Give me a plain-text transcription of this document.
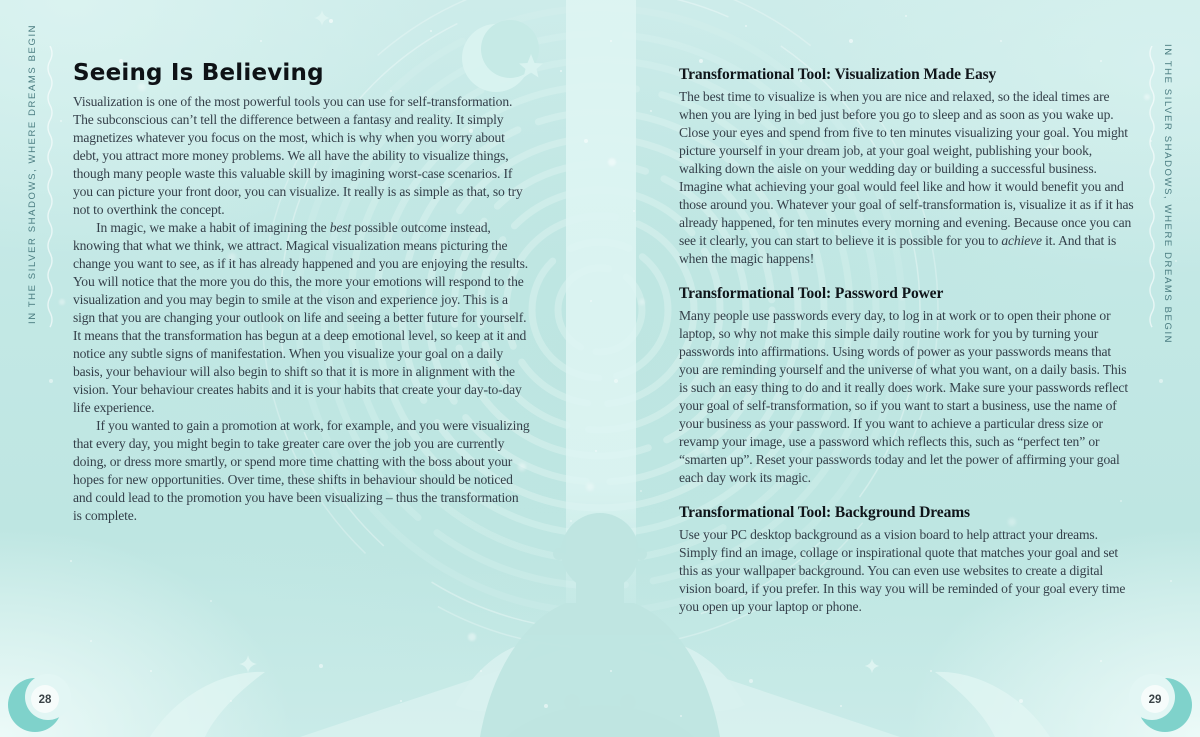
IN THE SILVER SHADOWS, WHERE DREAMS BEGIN	IN THE SILVER SHADOWS, WHERE DREAMS BEGIN
Seeing Is Believing

Visualization is one of the most powerful tools you can use for self-transformation. The subconscious can’t tell the difference between a fantasy and reality. It simply magnetizes whatever you focus on the most, which is why when you worry about debt, you attract more money problems. We all have the ability to visualize things, though many people waste this valuable skill by imagining worst-case scenarios. If you can picture your front door, you can visualize. It really is as simple as that, so try not to overthink the concept.

In magic, we make a habit of imagining the best possible outcome instead, knowing that what we think, we attract. Magical visualization means picturing the change you want to see, as if it has already happened and you are enjoying the results. You will notice that the more you do this, the more your emotions will respond to the visualization and you may begin to smile at the vison and experience joy. This is a sign that you are changing your outlook on life and seeing a better future for yourself. It means that the transformation has begun at a deep emotional level, so keep at it and notice any subtle signs of manifestation. When you visualize your goal on a daily basis, your behaviour will also begin to shift so that it is more in alignment with the vision. Your behaviour creates habits and it is your habits that create your day-to-day life experience.

If you wanted to gain a promotion at work, for example, and you were visualizing that every day, you might begin to take greater care over the job you are currently doing, or dress more smartly, or spend more time chatting with the boss about your hopes for new opportunities. Over time, these shifts in behaviour should be noticed and could lead to the promotion you have been visualizing – thus the transformation is complete.

Transformational Tool: Visualization Made Easy

The best time to visualize is when you are nice and relaxed, so the ideal times are when you are lying in bed just before you go to sleep and as soon as you wake up. Close your eyes and spend from five to ten minutes visualizing your goal. You might picture yourself in your dream job, at your goal weight, publishing your book, walking down the aisle on your wedding day or building a successful business. Imagine what achieving your goal would feel like and how it would benefit you and those around you. Whatever your goal of self-transformation is, visualize it as if it has already happened, for ten minutes every morning and evening. Because once you can see it clearly, you can start to believe it is possible for you to achieve it. And that is when the magic happens!

Transformational Tool: Password Power

Many people use passwords every day, to log in at work or to open their phone or laptop, so why not make this simple daily routine work for you by turning your passwords into affirmations. Using words of power as your passwords means that you are reminding yourself and the universe of what you want, on a daily basis. This is such an easy thing to do and it really does work. Make sure your passwords reflect your goal of self-transformation, so if you want to start a business, use the name of your business as your password. If you want to achieve a particular dress size or revamp your image, use a password which reflects this, such as “perfect ten” or “smarten up”. Reset your passwords today and let the power of affirming your goal each day work its magic.

Transformational Tool: Background Dreams

Use your PC desktop background as a vision board to help attract your dreams. Simply find an image, collage or inspirational quote that matches your goal and set this as your wallpaper background. You can even use websites to create a digital vision board, if you prefer. In this way you will be reminded of your goal every time you open up your laptop or phone.

28	29
